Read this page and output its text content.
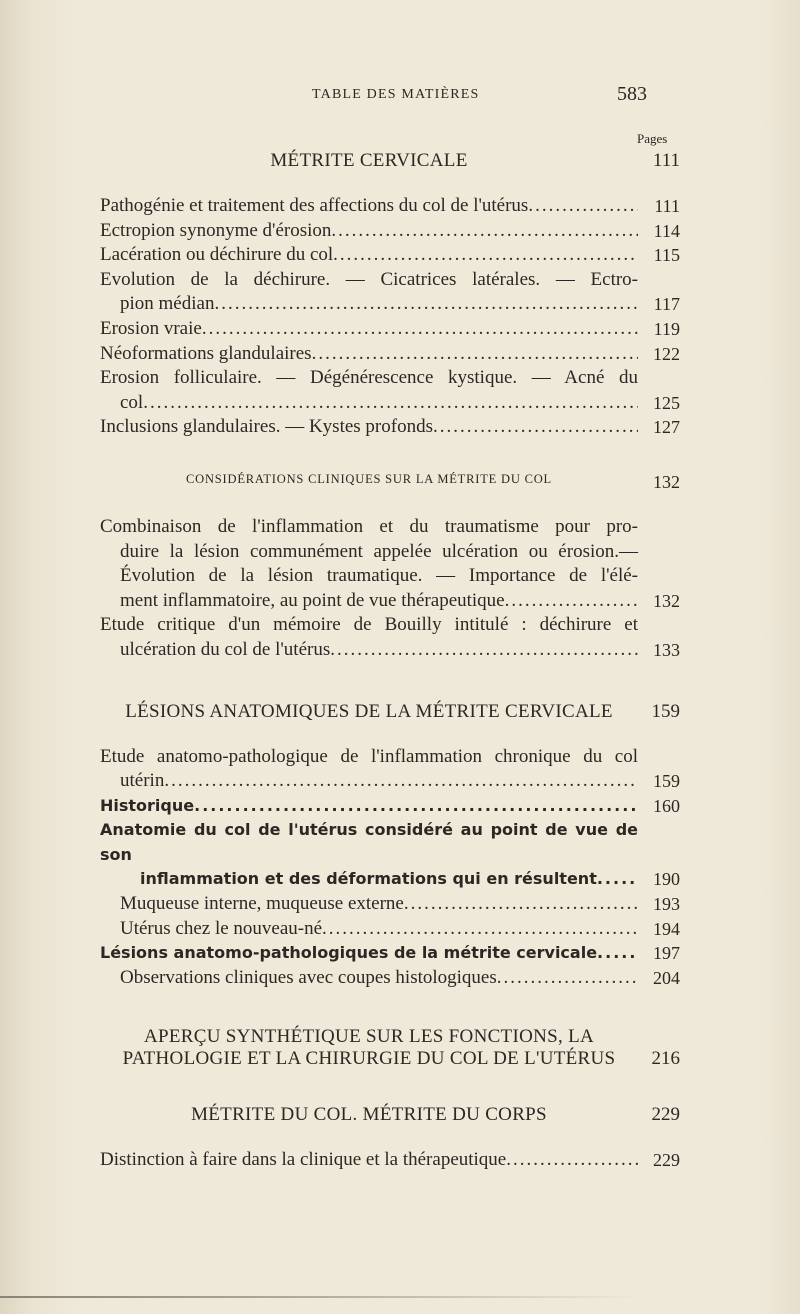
TABLE DES MATIÈRES	583
Pages
MÉTRITE CERVICALE	111
Pathogénie et traitement des affections du col de l'utérus .....	111
Ectropion synonyme d'érosion .....	114
Lacération ou déchirure du col .....	115
Evolution de la déchirure. — Cicatrices latérales. — Ectro-
pion médian .....	117
Erosion vraie .....	119
Néoformations glandulaires .....	122
Erosion folliculaire. — Dégénérescence kystique. — Acné du
col .....	125
Inclusions glandulaires. — Kystes profonds .....	127
CONSIDÉRATIONS CLINIQUES SUR LA MÉTRITE DU COL	132
Combinaison de l'inflammation et du traumatisme pour pro-
duire la lésion communément appelée ulcération ou érosion.—
Évolution de la lésion traumatique. — Importance de l'élé-
ment inflammatoire, au point de vue thérapeutique .....	132
Etude critique d'un mémoire de Bouilly intitulé : déchirure et
ulcération du col de l'utérus .....	133
LÉSIONS ANATOMIQUES DE LA MÉTRITE CERVICALE	159
Etude anatomo-pathologique de l'inflammation chronique du col
utérin .....	159
Historique .....	160
Anatomie du col de l'utérus considéré au point de vue de son
inflammation et des déformations qui en résultent .....	190
Muqueuse interne, muqueuse externe .....	193
Utérus chez le nouveau-né .....	194
Lésions anatomo-pathologiques de la métrite cervicale .....	197
Observations cliniques avec coupes histologiques .....	204
APERÇU SYNTHÉTIQUE SUR LES FONCTIONS, LA
PATHOLOGIE ET LA CHIRURGIE DU COL DE L'UTÉRUS	216
MÉTRITE DU COL. MÉTRITE DU CORPS	229
Distinction à faire dans la clinique et la thérapeutique .....	229
